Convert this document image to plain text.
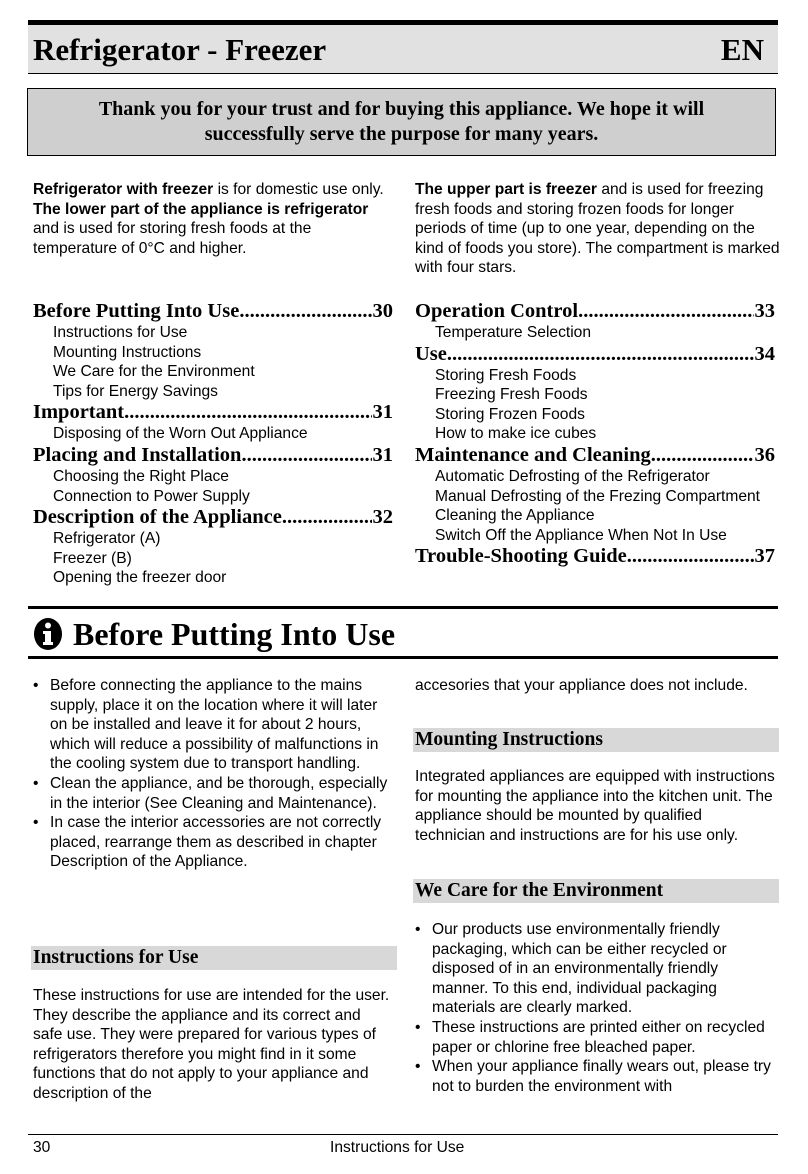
Refrigerator - Freezer	EN
Thank you for your trust and for buying this appliance. We hope it will successfully serve the purpose for many years.
Refrigerator with freezer is for domestic use only.
The lower part of the appliance is refrigerator and is used for storing fresh foods at the temperature of 0°C and higher.
The upper part is freezer and is used for freezing fresh foods and storing frozen foods for longer periods of time (up to one year, depending on the kind of foods you store). The compartment is marked with four stars.
Before Putting Into Use .....	30
Instructions for Use
Mounting Instructions
We Care for the Environment
Tips for Energy Savings
Important .....	31
Disposing of the Worn Out Appliance
Placing and Installation .....	31
Choosing the Right Place
Connection to Power Supply
Description of the Appliance .....	32
Refrigerator (A)
Freezer (B)
Opening the freezer door
Operation Control .....	33
Temperature Selection
Use .....	34
Storing Fresh Foods
Freezing Fresh Foods
Storing Frozen Foods
How to make ice cubes
Maintenance and Cleaning .....	36
Automatic Defrosting of the Refrigerator
Manual Defrosting of the Frezing Compartment
Cleaning the Appliance
Switch Off the Appliance When Not In Use
Trouble-Shooting Guide .....	37
Before Putting Into Use
• Before connecting the appliance to the mains supply, place it on the location where it will later on be installed and leave it for about 2 hours, which will reduce a possibility of malfunctions in the cooling system due to transport handling.
• Clean the appliance, and be thorough, especially in the interior (See Cleaning and Maintenance).
• In case the interior accessories are not correctly placed, rearrange them as described in chapter Description of the Appliance.
Instructions for Use
These instructions for use are intended for the user. They describe the appliance and its correct and safe use. They were prepared for various types of refrigerators therefore you might find in it some functions that do not apply to your appliance and description of the
accesories that your appliance does not include.
Mounting Instructions
Integrated appliances are equipped with instructions for mounting the appliance into the kitchen unit. The appliance should be mounted by qualified technician and instructions are for his use only.
We Care for the Environment
• Our products use environmentally friendly packaging, which can be either recycled or disposed of in an environmentally friendly manner. To this end, individual packaging materials are clearly marked.
• These instructions are printed either on recycled paper or chlorine free bleached paper.
• When your appliance finally wears out, please try not to burden the environment with
30	Instructions for Use
